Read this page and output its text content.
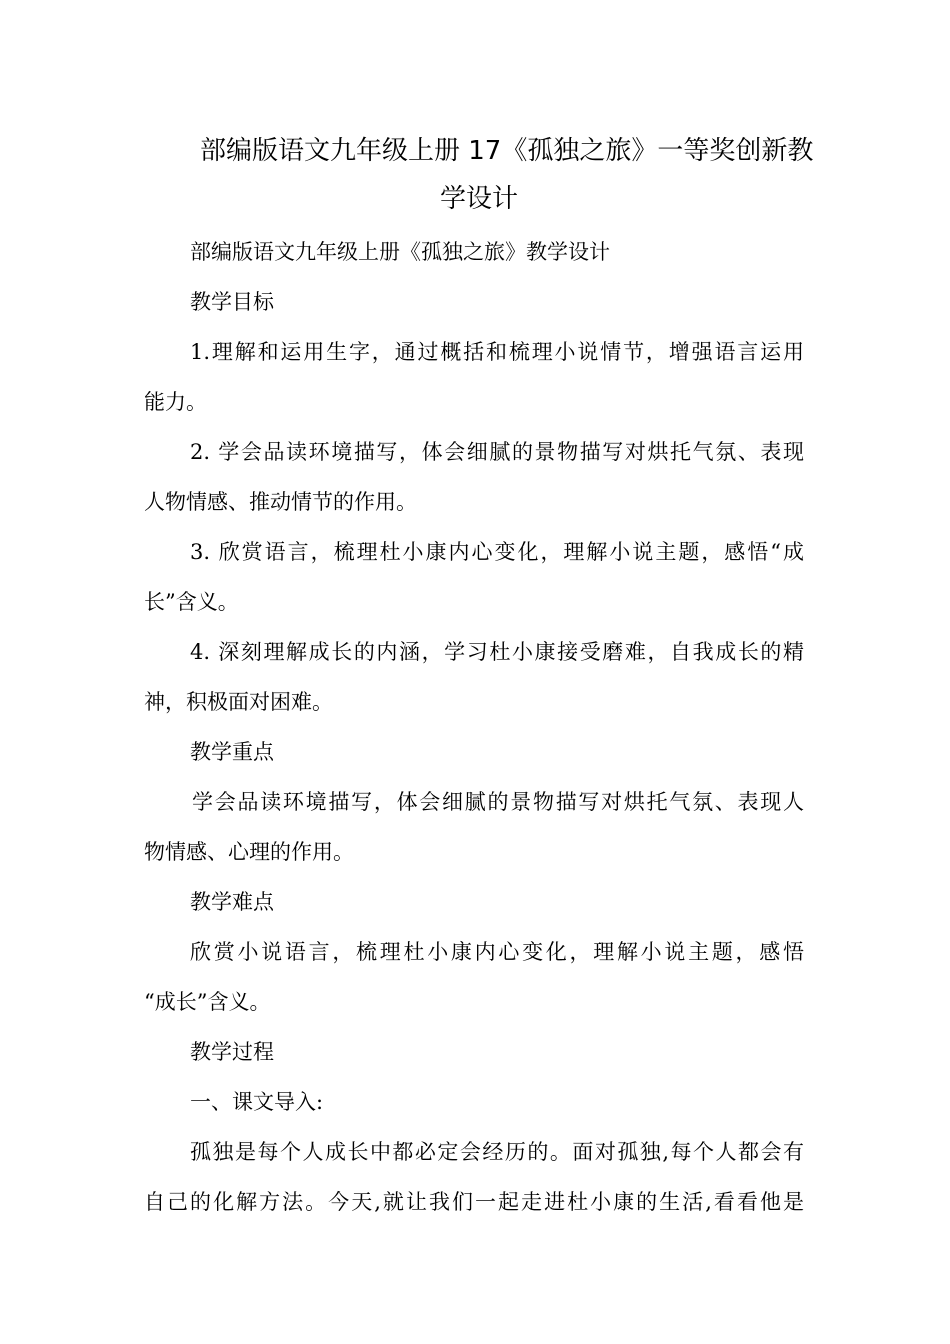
部编版语文九年级上册 17《孤独之旅》一等奖创新教
学设计
部编版语文九年级上册《孤独之旅》教学设计
教学目标
1.理解和运用生字，通过概括和梳理小说情节，增强语言运用
能力。
2. 学会品读环境描写，体会细腻的景物描写对烘托气氛、表现
人物情感、推动情节的作用。
3. 欣赏语言，梳理杜小康内心变化，理解小说主题，感悟“成
长”含义。
4. 深刻理解成长的内涵，学习杜小康接受磨难，自我成长的精
神，积极面对困难。
教学重点
学会品读环境描写，体会细腻的景物描写对烘托气氛、表现人
物情感、心理的作用。
教学难点
欣赏小说语言，梳理杜小康内心变化，理解小说主题，感悟
“成长”含义。
教学过程
一、课文导入:
孤独是每个人成长中都必定会经历的。面对孤独,每个人都会有
自己的化解方法。今天,就让我们一起走进杜小康的生活,看看他是
